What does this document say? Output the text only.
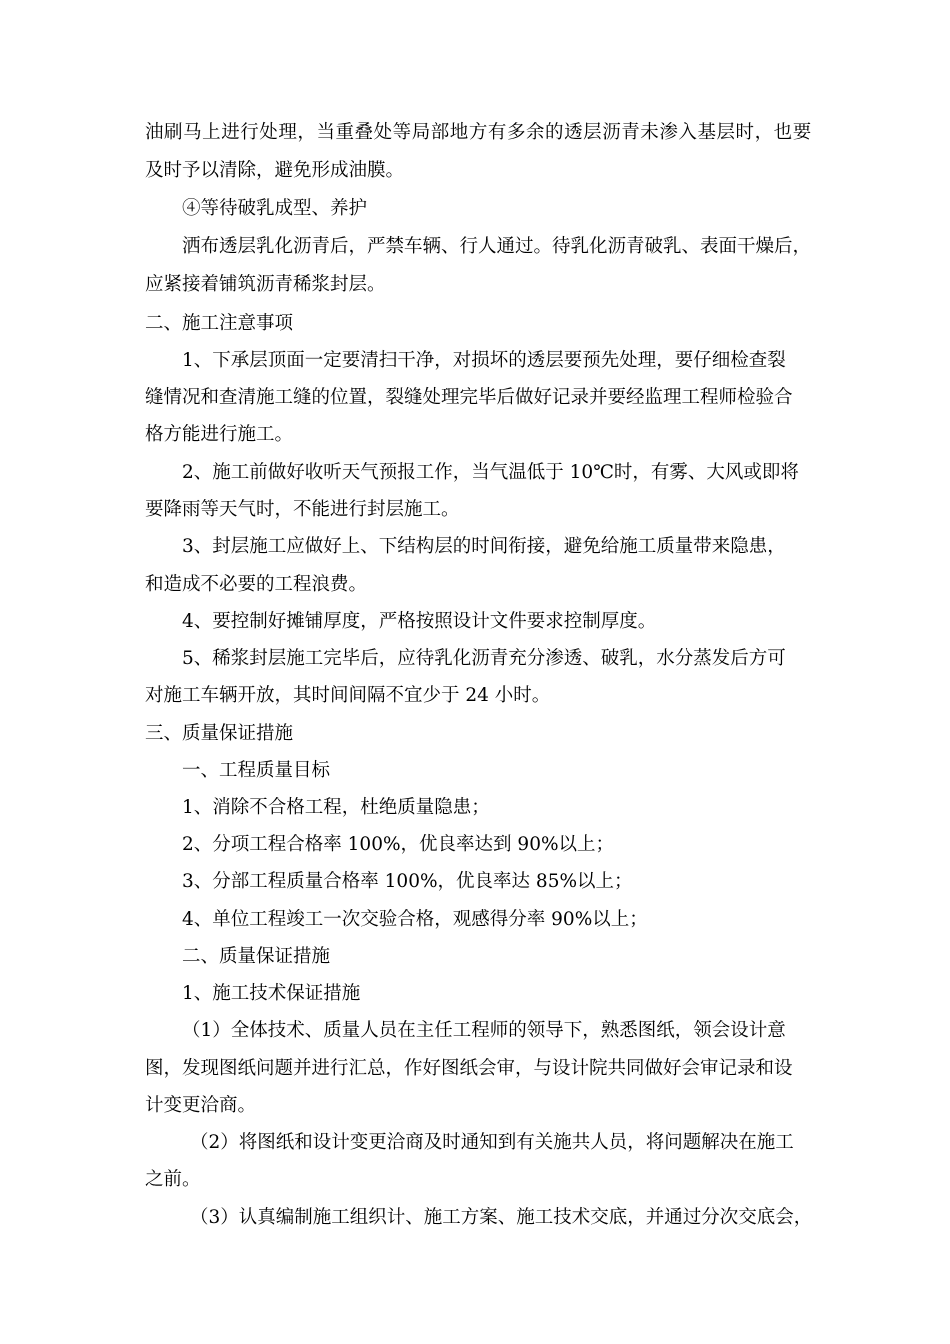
油刷马上进行处理，当重叠处等局部地方有多余的透层沥青未渗入基层时，也要
及时予以清除，避免形成油膜。
④等待破乳成型、养护
洒布透层乳化沥青后，严禁车辆、行人通过。待乳化沥青破乳、表面干燥后，
应紧接着铺筑沥青稀浆封层。
二、施工注意事项
1、下承层顶面一定要清扫干净，对损坏的透层要预先处理，要仔细检查裂
缝情况和查清施工缝的位置，裂缝处理完毕后做好记录并要经监理工程师检验合
格方能进行施工。
2、施工前做好收听天气预报工作，当气温低于 10℃时，有雾、大风或即将
要降雨等天气时，不能进行封层施工。
3、封层施工应做好上、下结构层的时间衔接，避免给施工质量带来隐患，
和造成不必要的工程浪费。
4、要控制好摊铺厚度，严格按照设计文件要求控制厚度。
5、稀浆封层施工完毕后，应待乳化沥青充分渗透、破乳，水分蒸发后方可
对施工车辆开放，其时间间隔不宜少于 24 小时。
三、质量保证措施
一、工程质量目标
1、消除不合格工程，杜绝质量隐患；
2、分项工程合格率 100%，优良率达到 90%以上；
3、分部工程质量合格率 100%，优良率达 85%以上；
4、单位工程竣工一次交验合格，观感得分率 90%以上；
二、质量保证措施
1、施工技术保证措施
（1）全体技术、质量人员在主任工程师的领导下，熟悉图纸，领会设计意
图，发现图纸问题并进行汇总，作好图纸会审，与设计院共同做好会审记录和设
计变更洽商。
（2）将图纸和设计变更洽商及时通知到有关施共人员，将问题解决在施工
之前。
（3）认真编制施工组织计、施工方案、施工技术交底，并通过分次交底会，
